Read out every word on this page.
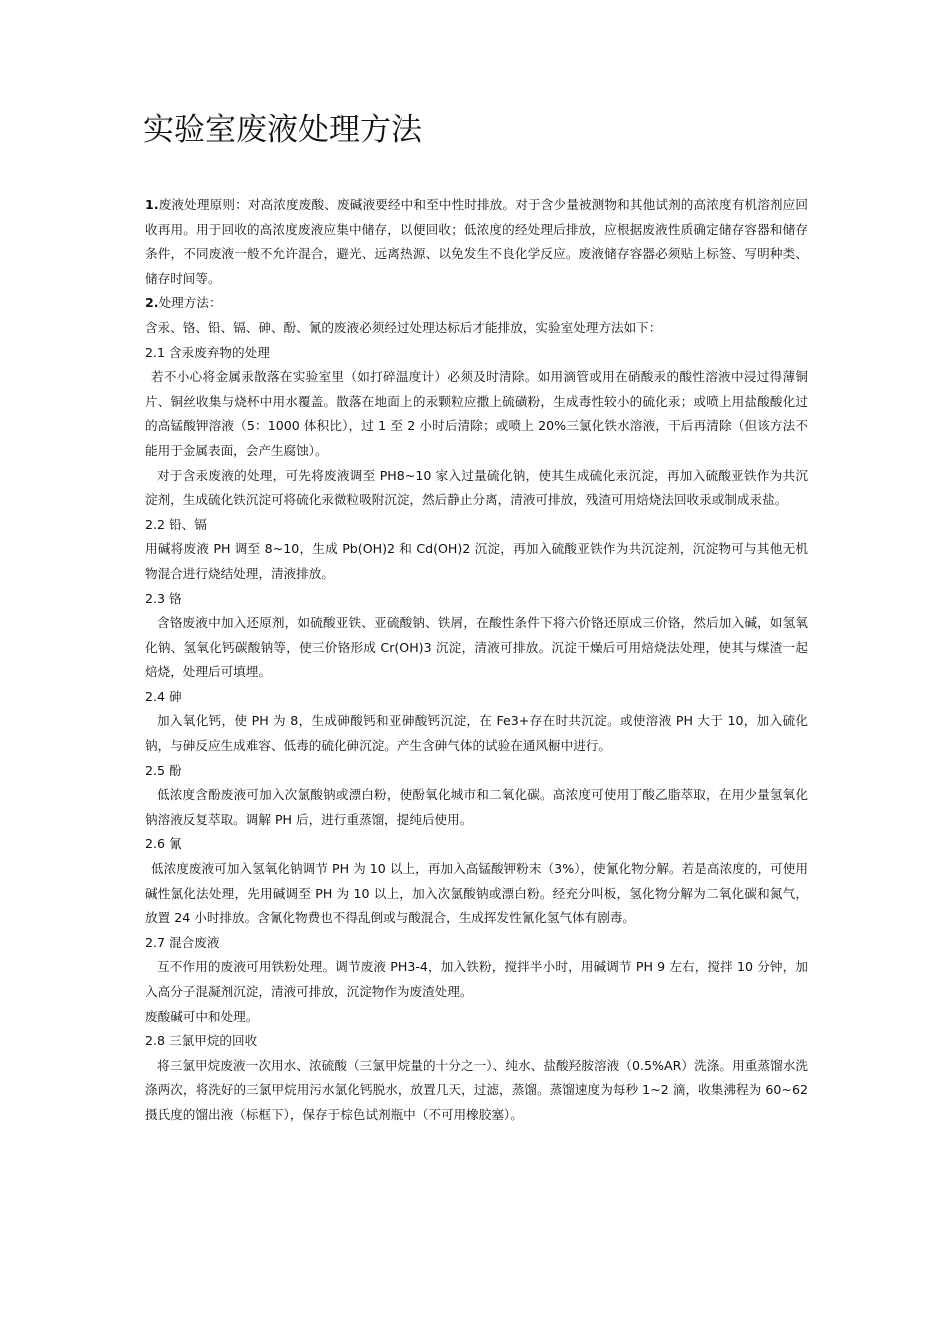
实验室废液处理方法

1.废液处理原则：对高浓度废酸、废碱液要经中和至中性时排放。对于含少量被测物和其他试剂的高浓度有机溶剂应回收再用。用于回收的高浓度废液应集中储存，以便回收；低浓度的经处理后排放，应根据废液性质确定储存容器和储存条件，不同废液一般不允许混合，避光、远离热源、以免发生不良化学反应。废液储存容器必须贴上标签、写明种类、储存时间等。

2.处理方法：

含汞、铬、铅、镉、砷、酚、氰的废液必须经过处理达标后才能排放，实验室处理方法如下：

2.1 含汞废弃物的处理

若不小心将金属汞散落在实验室里（如打碎温度计）必须及时清除。如用滴管或用在硝酸汞的酸性溶液中浸过得薄铜片、铜丝收集与烧杯中用水覆盖。散落在地面上的汞颗粒应撒上硫磺粉，生成毒性较小的硫化汞；或喷上用盐酸酸化过的高锰酸钾溶液（5：1000 体积比），过 1 至 2 小时后清除；或喷上 20%三氯化铁水溶液，干后再清除（但该方法不能用于金属表面，会产生腐蚀）。

对于含汞废液的处理，可先将废液调至 PH8~10 家入过量硫化钠，使其生成硫化汞沉淀，再加入硫酸亚铁作为共沉淀剂，生成硫化铁沉淀可将硫化汞微粒吸附沉淀，然后静止分离，清液可排放，残渣可用焙烧法回收汞或制成汞盐。

2.2 铅、镉

用碱将废液 PH 调至 8~10，生成 Pb(OH)2 和 Cd(OH)2 沉淀，再加入硫酸亚铁作为共沉淀剂，沉淀物可与其他无机物混合进行烧结处理，清液排放。

2.3 铬

含铬废液中加入还原剂，如硫酸亚铁、亚硫酸钠、铁屑，在酸性条件下将六价铬还原成三价铬，然后加入碱，如氢氧化钠、氢氧化钙碳酸钠等，使三价铬形成 Cr(OH)3 沉淀，清液可排放。沉淀干燥后可用焙烧法处理，使其与煤渣一起焙烧，处理后可填埋。

2.4 砷

加入氧化钙，使 PH 为 8，生成砷酸钙和亚砷酸钙沉淀，在 Fe3+存在时共沉淀。或使溶液 PH 大于 10，加入硫化钠，与砷反应生成难容、低毒的硫化砷沉淀。产生含砷气体的试验在通风橱中进行。

2.5 酚

低浓度含酚废液可加入次氯酸钠或漂白粉，使酚氧化城市和二氧化碳。高浓度可使用丁酸乙脂萃取，在用少量氢氧化钠溶液反复萃取。调解 PH 后，进行重蒸馏，提纯后使用。

2.6 氰

低浓度废液可加入氢氧化钠调节 PH 为 10 以上，再加入高锰酸钾粉末（3%），使氰化物分解。若是高浓度的，可使用碱性氯化法处理，先用碱调至 PH 为 10 以上，加入次氯酸钠或漂白粉。经充分叫板，氢化物分解为二氧化碳和氮气，放置 24 小时排放。含氰化物费也不得乱倒或与酸混合，生成挥发性氰化氢气体有剧毒。

2.7 混合废液

互不作用的废液可用铁粉处理。调节废液 PH3-4，加入铁粉，搅拌半小时，用碱调节 PH 9 左右，搅拌 10 分钟，加入高分子混凝剂沉淀，清液可排放，沉淀物作为废渣处理。

废酸碱可中和处理。

2.8 三氯甲烷的回收

将三氯甲烷废液一次用水、浓硫酸（三氯甲烷量的十分之一）、纯水、盐酸羟胺溶液（0.5%AR）洗涤。用重蒸馏水洗涤两次，将洗好的三氯甲烷用污水氯化钙脱水，放置几天，过滤，蒸馏。蒸馏速度为每秒 1~2 滴，收集沸程为 60~62 摄氏度的馏出液（标框下），保存于棕色试剂瓶中（不可用橡胶塞）。
